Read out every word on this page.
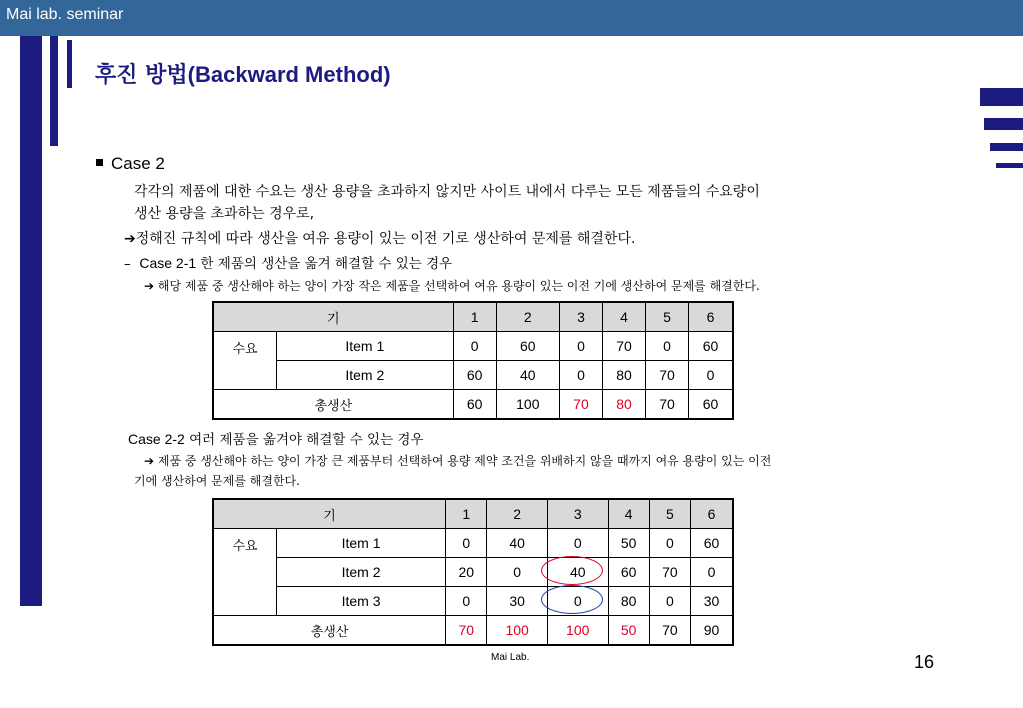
Mai lab. seminar
후진 방법(Backward Method)
Case 2
각각의 제품에 대한 수요는 생산 용량을 초과하지 않지만 사이트 내에서 다루는 모든 제품들의 수요량이
생산 용량을 초과하는 경우로,
➔정해진 규칙에 따라 생산을 여유 용량이 있는 이전 기로 생산하여 문제를 해결한다.
– Case 2-1 한 제품의 생산을 옮겨 해결할 수 있는 경우
➔ 해당 제품 중 생산해야 하는 양이 가장 작은 제품을 선택하여 여유 용량이 있는 이전 기에 생산하여 문제를 해결한다.
기		1	2	3	4	5	6
수요	Item 1	0	60	0	70	0	60
	Item 2	60	40	0	80	70	0
총생산		60	100	70	80	70	60
Case 2-2 여러 제품을 옮겨야 해결할 수 있는 경우
➔ 제품 중 생산해야 하는 양이 가장 큰 제품부터 선택하여 용량 제약 조건을 위배하지 않을 때까지 여유 용량이 있는 이전
기에 생산하여 문제를 해결한다.
기		1	2	3	4	5	6
수요	Item 1	0	40	0	50	0	60
	Item 2	20	0	40	60	70	0
	Item 3	0	30	0	80	0	30
총생산		70	100	100	50	70	90
Mai Lab.	16
